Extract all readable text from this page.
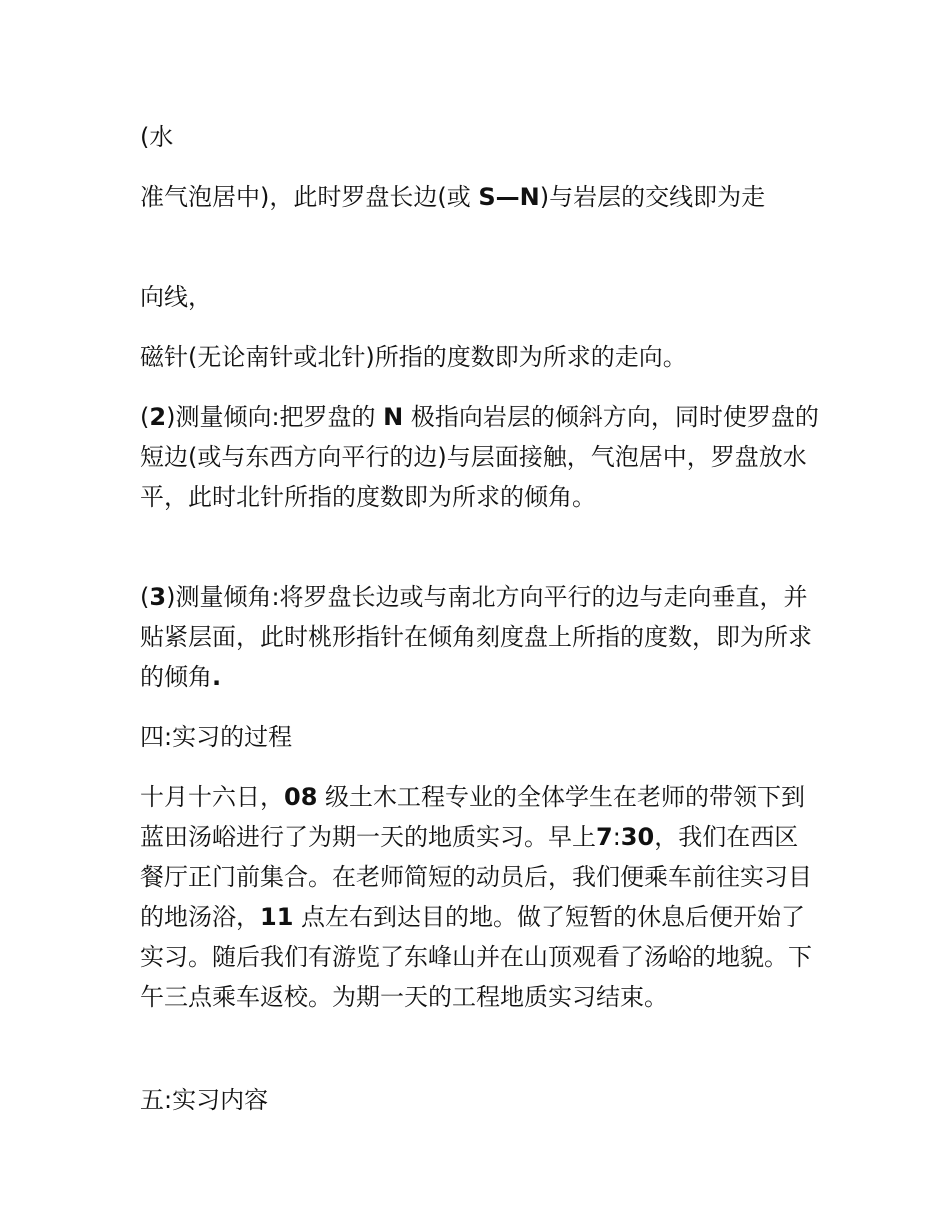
(水

准气泡居中)，此时罗盘长边(或 S—N)与岩层的交线即为走

向线，

磁针(无论南针或北针)所指的度数即为所求的走向。

(2)测量倾向:把罗盘的 N 极指向岩层的倾斜方向，同时使罗盘的短边(或与东西方向平行的边)与层面接触，气泡居中，罗盘放水平，此时北针所指的度数即为所求的倾角。

(3)测量倾角:将罗盘长边或与南北方向平行的边与走向垂直，并贴紧层面，此时桃形指针在倾角刻度盘上所指的度数，即为所求的倾角.

四:实习的过程

十月十六日，08 级土木工程专业的全体学生在老师的带领下到蓝田汤峪进行了为期一天的地质实习。早上7:30，我们在西区餐厅正门前集合。在老师简短的动员后，我们便乘车前往实习目的地汤浴，11 点左右到达目的地。做了短暂的休息后便开始了实习。随后我们有游览了东峰山并在山顶观看了汤峪的地貌。下午三点乘车返校。为期一天的工程地质实习结束。

五:实习内容
